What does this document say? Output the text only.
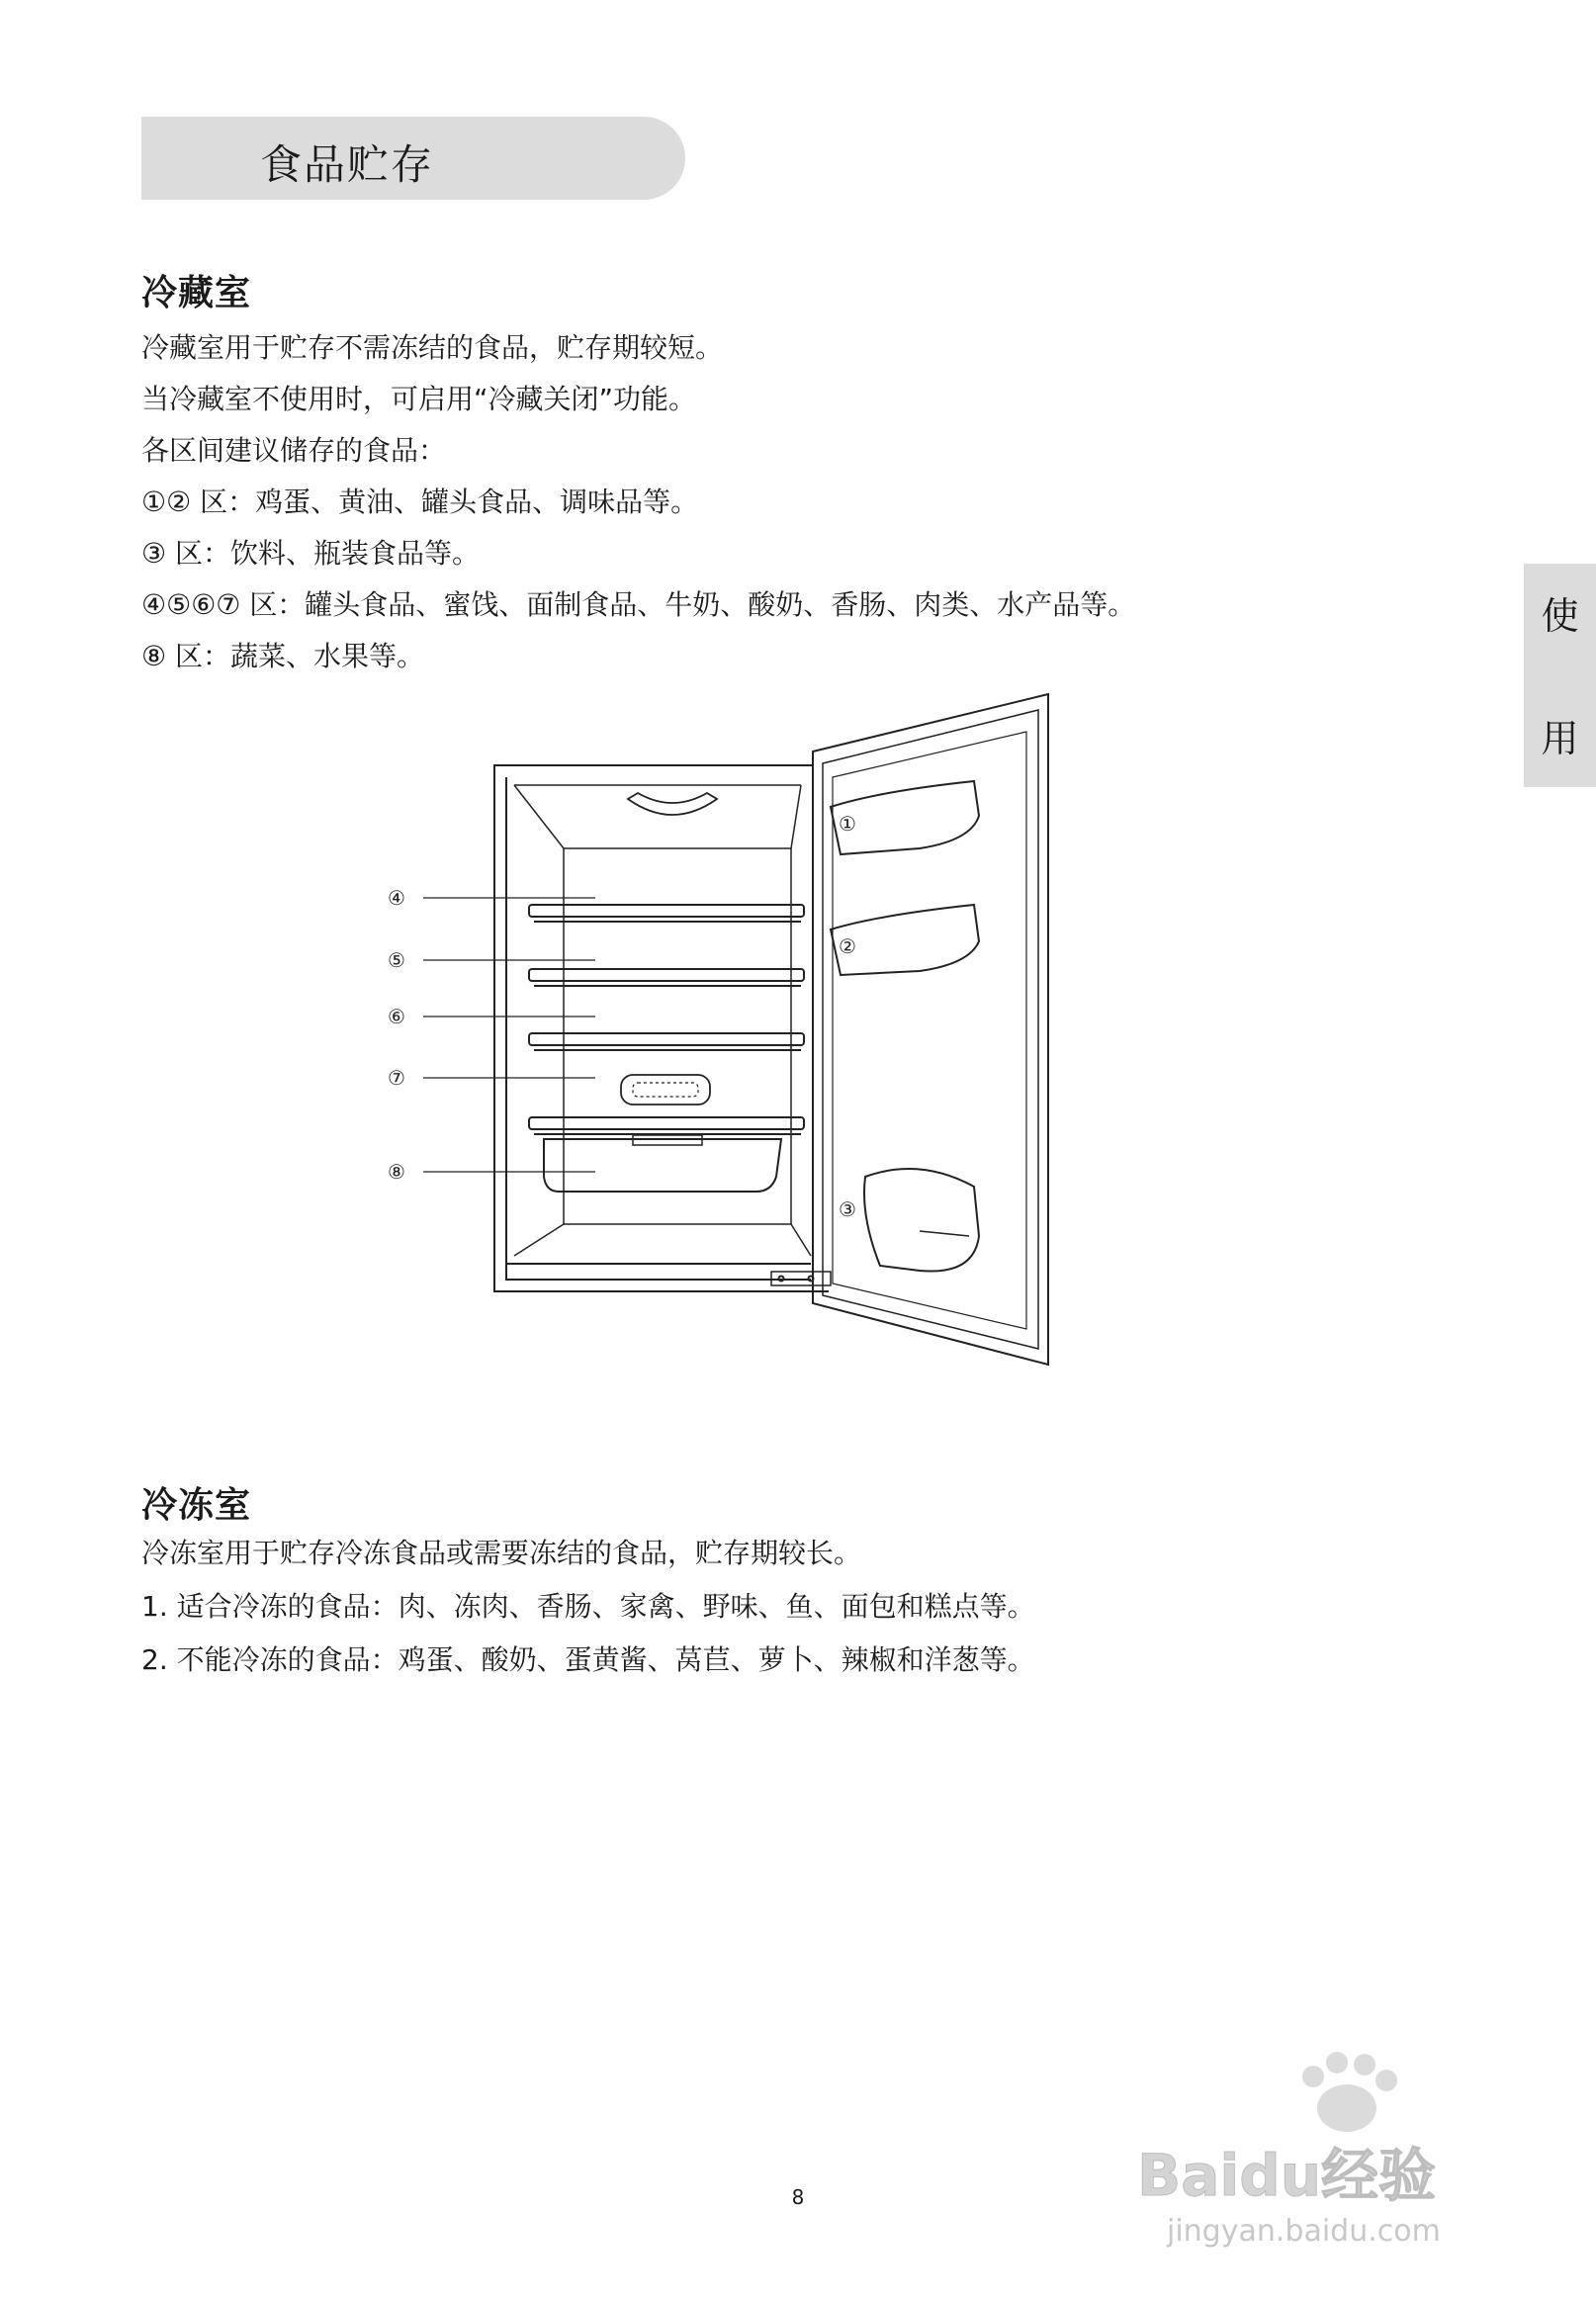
食品贮存
使
用
冷藏室
冷藏室用于贮存不需冻结的食品，贮存期较短。
当冷藏室不使用时，可启用“冷藏关闭”功能。
各区间建议储存的食品：
①② 区：鸡蛋、黄油、罐头食品、调味品等。
③ 区：饮料、瓶装食品等。
④⑤⑥⑦ 区：罐头食品、蜜饯、面制食品、牛奶、酸奶、香肠、肉类、水产品等。
⑧ 区：蔬菜、水果等。
④
⑤
⑥
⑦
⑧
①
②
③
冷冻室
冷冻室用于贮存冷冻食品或需要冻结的食品，贮存期较长。
1. 适合冷冻的食品：肉、冻肉、香肠、家禽、野味、鱼、面包和糕点等。
2. 不能冷冻的食品：鸡蛋、酸奶、蛋黄酱、莴苣、萝卜、辣椒和洋葱等。
8	Baidu经验
jingyan.baidu.com
